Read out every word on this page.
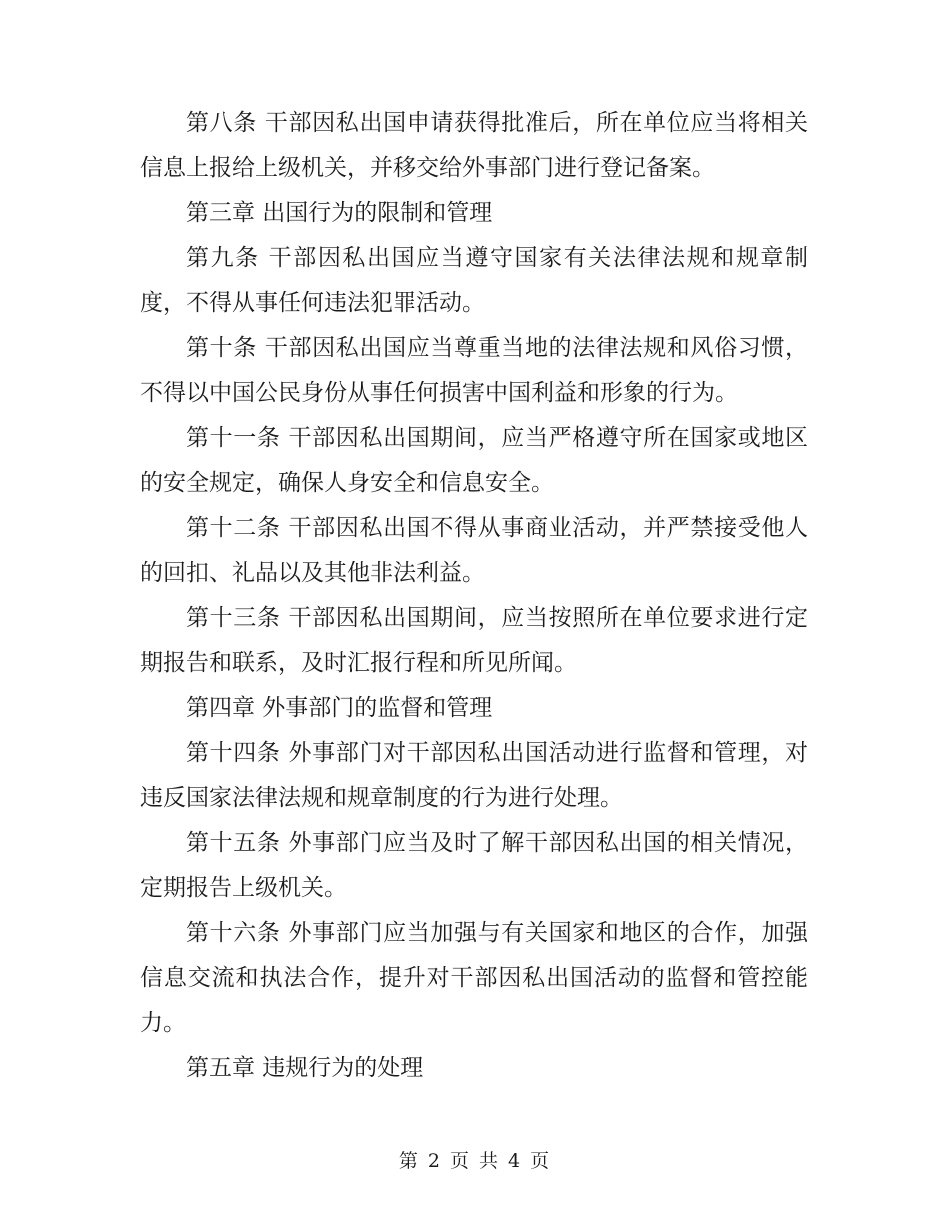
第八条 干部因私出国申请获得批准后，所在单位应当将相关信息上报给上级机关，并移交给外事部门进行登记备案。

第三章 出国行为的限制和管理

第九条 干部因私出国应当遵守国家有关法律法规和规章制度，不得从事任何违法犯罪活动。

第十条 干部因私出国应当尊重当地的法律法规和风俗习惯，不得以中国公民身份从事任何损害中国利益和形象的行为。

第十一条 干部因私出国期间，应当严格遵守所在国家或地区的安全规定，确保人身安全和信息安全。

第十二条 干部因私出国不得从事商业活动，并严禁接受他人的回扣、礼品以及其他非法利益。

第十三条 干部因私出国期间，应当按照所在单位要求进行定期报告和联系，及时汇报行程和所见所闻。

第四章 外事部门的监督和管理

第十四条 外事部门对干部因私出国活动进行监督和管理，对违反国家法律法规和规章制度的行为进行处理。

第十五条 外事部门应当及时了解干部因私出国的相关情况，定期报告上级机关。

第十六条 外事部门应当加强与有关国家和地区的合作，加强信息交流和执法合作，提升对干部因私出国活动的监督和管控能力。

第五章 违规行为的处理

第 2 页 共 4 页
